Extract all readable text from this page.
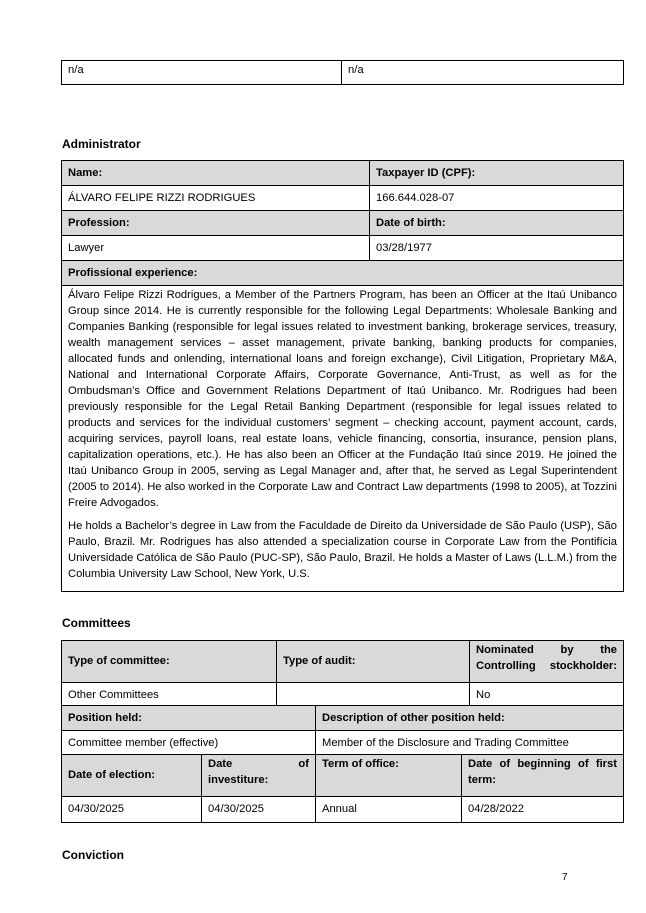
n/a	n/a
Administrator
Name:	Taxpayer ID (CPF):
ÁLVARO FELIPE RIZZI RODRIGUES	166.644.028-07
Profession:	Date of birth:
Lawyer	03/28/1977
Profissional experience:	

Álvaro Felipe Rizzi Rodrigues, a Member of the Partners Program, has been an Officer at the Itaú Unibanco Group since 2014. He is currently responsible for the following Legal Departments: Wholesale Banking and Companies Banking (responsible for legal issues related to investment banking, brokerage services, treasury, wealth management services – asset management, private banking, banking products for companies, allocated funds and onlending, international loans and foreign exchange), Civil Litigation, Proprietary M&A, National and International Corporate Affairs, Corporate Governance, Anti-Trust, as well as for the Ombudsman’s Office and Government Relations Department of Itaú Unibanco. Mr. Rodrigues had been previously responsible for the Legal Retail Banking Department (responsible for legal issues related to products and services for the individual customers’ segment – checking account, payment account, cards, acquiring services, payroll loans, real estate loans, vehicle financing, consortia, insurance, pension plans, capitalization operations, etc.). He has also been an Officer at the Fundação Itaú since 2019. He joined the Itaú Unibanco Group in 2005, serving as Legal Manager and, after that, he served as Legal Superintendent (2005 to 2014). He also worked in the Corporate Law and Contract Law departments (1998 to 2005), at Tozzini Freire Advogados.

He holds a Bachelor’s degree in Law from the Faculdade de Direito da Universidade de São Paulo (USP), São Paulo, Brazil. Mr. Rodrigues has also attended a specialization course in Corporate Law from the Pontifícia Universidade Católica de São Paulo (PUC-SP), São Paulo, Brazil. He holds a Master of Laws (L.L.M.) from the Columbia University Law School, New York, U.S.	

Committees
Type of committee:	Type of audit:	Nominated by the Controlling stockholder:
Other Committees		No
Position held:	Description of other position held:
Committee member (effective)	Member of the Disclosure and Trading Committee
Date of election:	Date of investiture:	Term of office:	Date of beginning of first term:
04/30/2025	04/30/2025	Annual	04/28/2022
Conviction
7
